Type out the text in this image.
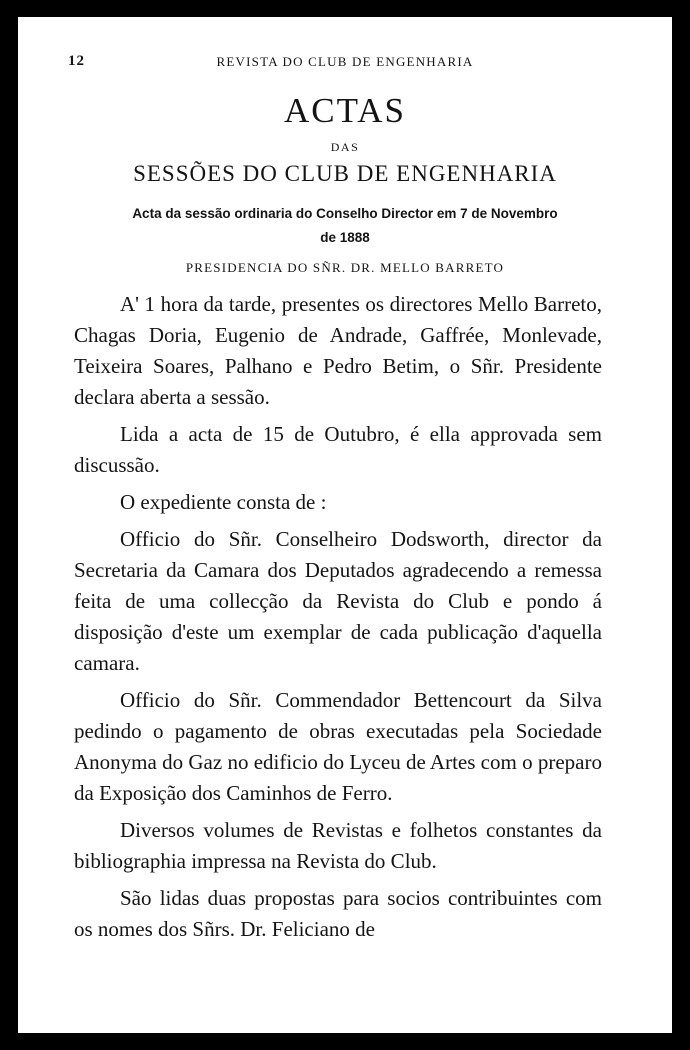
12	REVISTA DO CLUB DE ENGENHARIA
ACTAS
DAS
SESSÕES DO CLUB DE ENGENHARIA
Acta da sessão ordinaria do Conselho Director em 7 de Novembro
de 1888
PRESIDENCIA DO SÑR. DR. MELLO BARRETO

A' 1 hora da tarde, presentes os directores Mello Barreto, Chagas Doria, Eugenio de Andrade, Gaffrée, Monlevade, Teixeira Soares, Palhano e Pedro Betim, o Sñr. Presidente declara aberta a sessão.

Lida a acta de 15 de Outubro, é ella approvada sem discussão.

O expediente consta de :

Officio do Sñr. Conselheiro Dodsworth, director da Secretaria da Camara dos Deputados agradecendo a remessa feita de uma collecção da Revista do Club e pondo á disposição d'este um exemplar de cada publicação d'aquella camara.

Officio do Sñr. Commendador Bettencourt da Silva pedindo o pagamento de obras executadas pela Sociedade Anonyma do Gaz no edificio do Lyceu de Artes com o preparo da Exposição dos Caminhos de Ferro.

Diversos volumes de Revistas e folhetos constantes da bibliographia impressa na Revista do Club.

São lidas duas propostas para socios contribuintes com os nomes dos Sñrs. Dr. Feliciano de
